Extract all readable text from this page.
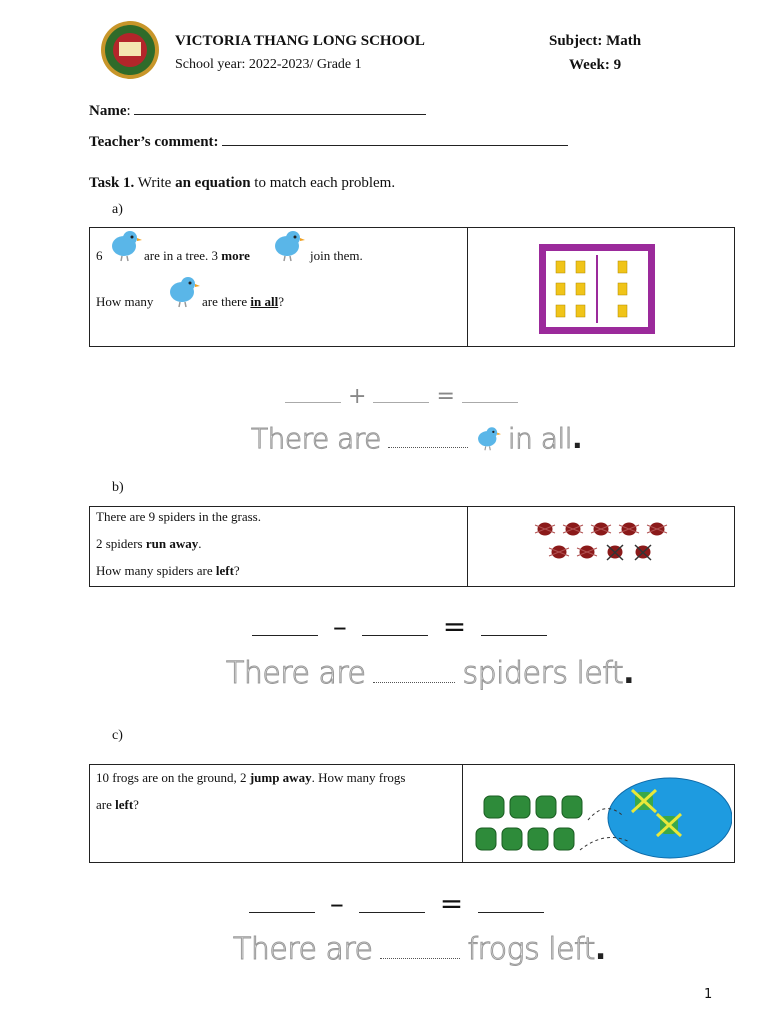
VICTORIA THANG LONG SCHOOL
School year: 2022-2023/ Grade 1
Subject: Math
Week: 9
Name:
Teacher’s comment:
Task 1. Write an equation to match each problem.
a)
6	are in a tree. 3 more	join them.
How many	are there in all?
+	=
There are	in all.
b)
There are 9 spiders in the grass.
2 spiders run away.
How many spiders are left?
–	=
There are	spiders left.
c)
10 frogs are on the ground, 2 jump away. How many frogs
are left?
–	=
There are	frogs left.
1
